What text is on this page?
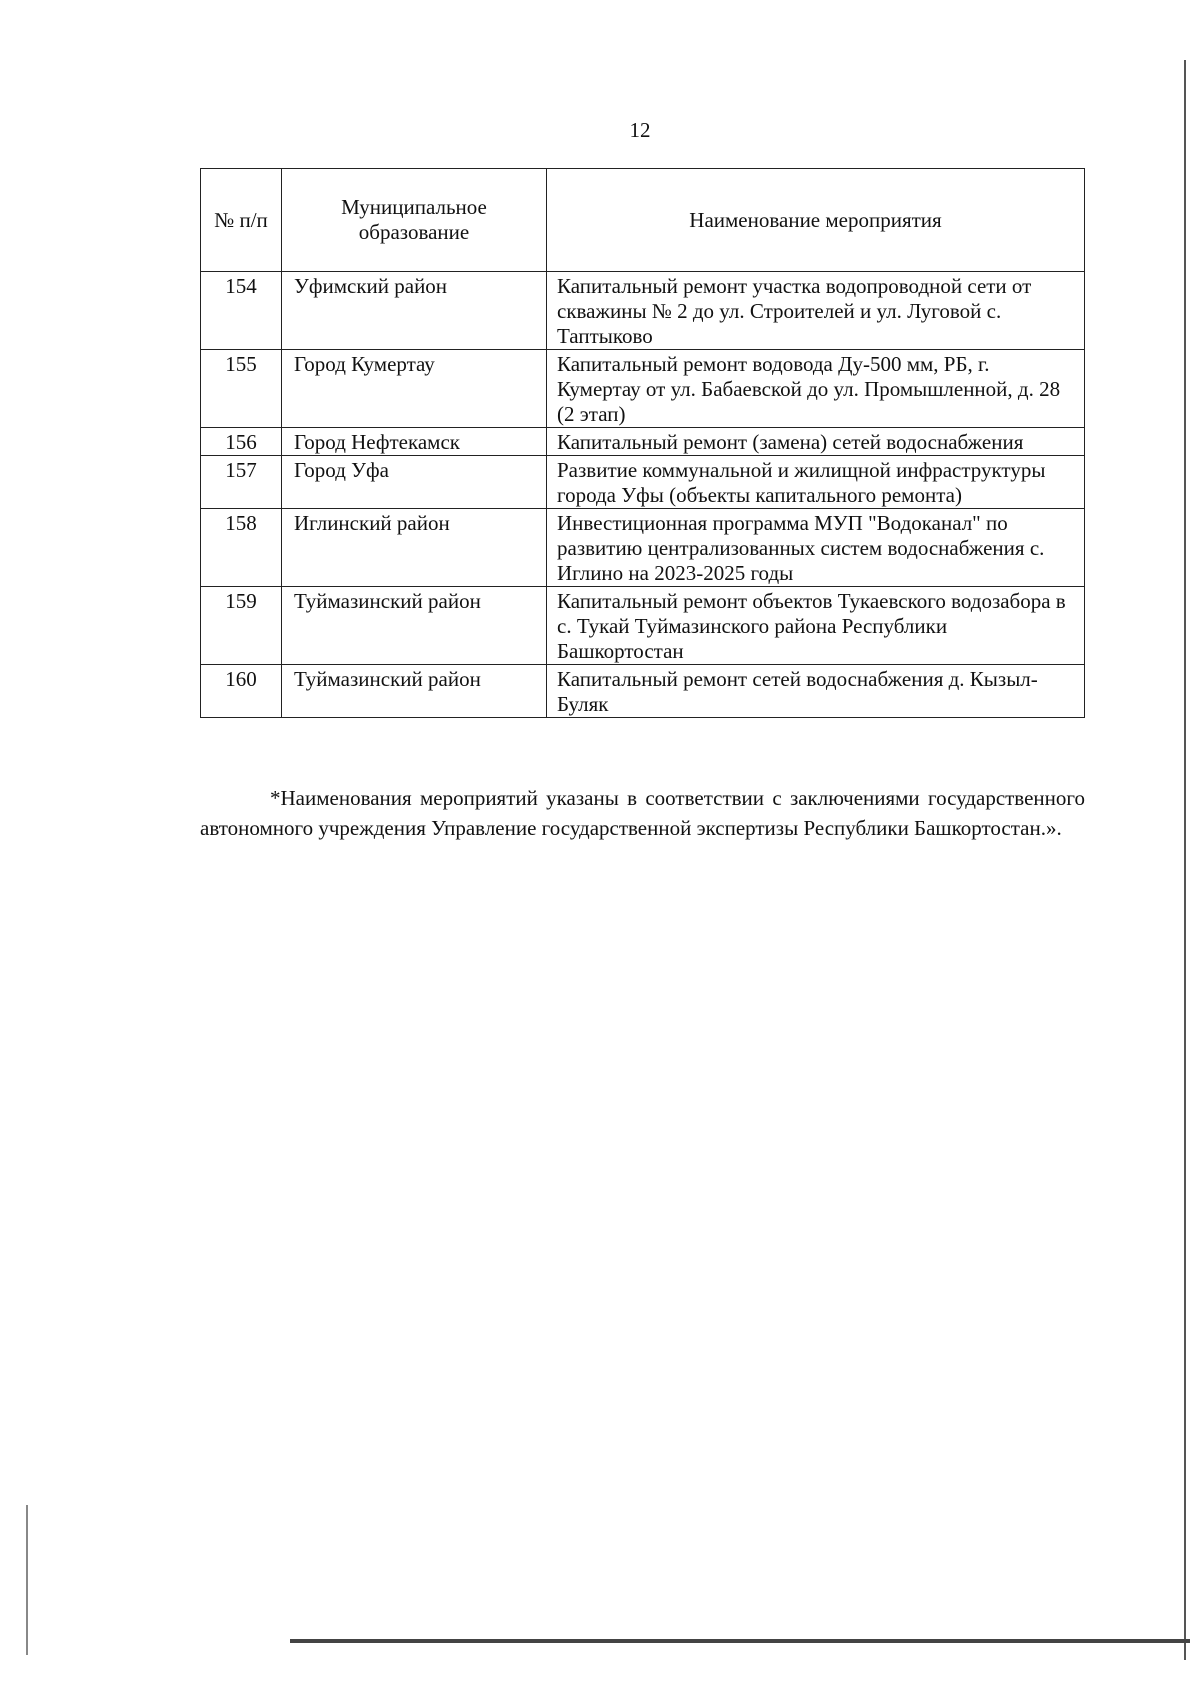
12
№ п/п	Муниципальное образование	Наименование мероприятия
154	Уфимский район	Капитальный ремонт участка водопроводной сети от скважины № 2 до ул. Строителей и ул. Луговой с. Таптыково
155	Город Кумертау	Капитальный ремонт водовода Ду-500 мм, РБ, г. Кумертау от ул. Бабаевской до ул. Промышленной, д. 28 (2 этап)
156	Город Нефтекамск	Капитальный ремонт (замена) сетей водоснабжения
157	Город Уфа	Развитие коммунальной и жилищной инфраструктуры города Уфы (объекты капитального ремонта)
158	Иглинский район	Инвестиционная программа МУП "Водоканал" по развитию централизованных систем водоснабжения с. Иглино на 2023-2025 годы
159	Туймазинский район	Капитальный ремонт объектов Тукаевского водозабора в с. Тукай Туймазинского района Республики Башкортостан
160	Туймазинский район	Капитальный ремонт сетей водоснабжения д. Кызыл-Буляк

*Наименования мероприятий указаны в соответствии с заключениями государственного автономного учреждения Управление государственной экспертизы Республики Башкортостан.».
